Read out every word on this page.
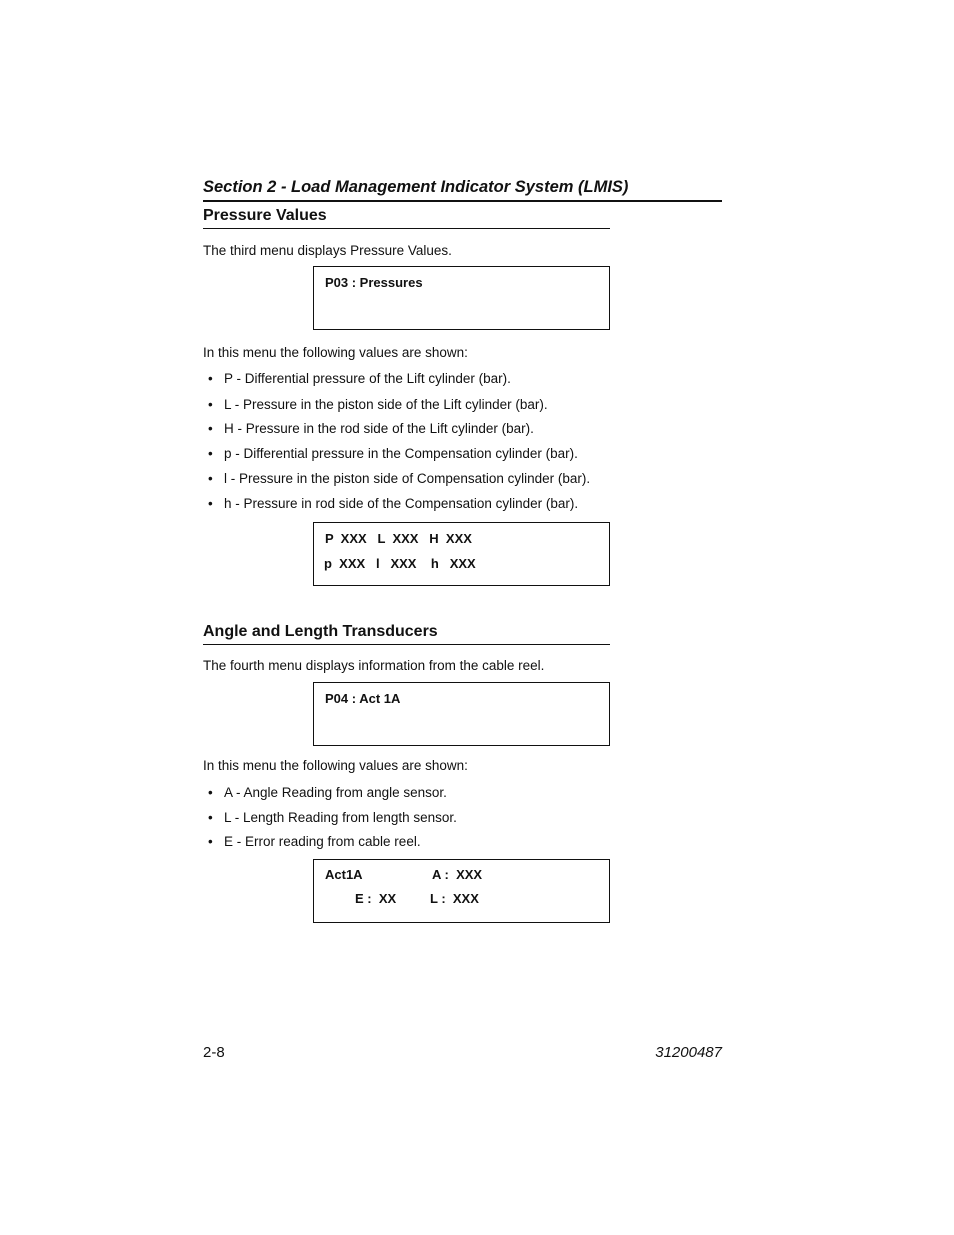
Section 2 - Load Management Indicator System (LMIS)
Pressure Values
The third menu displays Pressure Values.
P03 : Pressures
In this menu the following values are shown:
• P - Differential pressure of the Lift cylinder (bar).
• L - Pressure in the piston side of the Lift cylinder (bar).
• H - Pressure in the rod side of the Lift cylinder (bar).
• p - Differential pressure in the Compensation cylinder (bar).
• l - Pressure in the piston side of Compensation cylinder (bar).
• h - Pressure in rod side of the Compensation cylinder (bar).
P  XXX   L  XXX   H  XXX
p  XXX   l   XXX    h   XXX
Angle and Length Transducers
The fourth menu displays information from the cable reel.
P04 : Act 1A
In this menu the following values are shown:
• A - Angle Reading from angle sensor.
• L - Length Reading from length sensor.
• E - Error reading from cable reel.
Act1A	A :  XXX
E :  XX	L :  XXX
2-8	31200487
